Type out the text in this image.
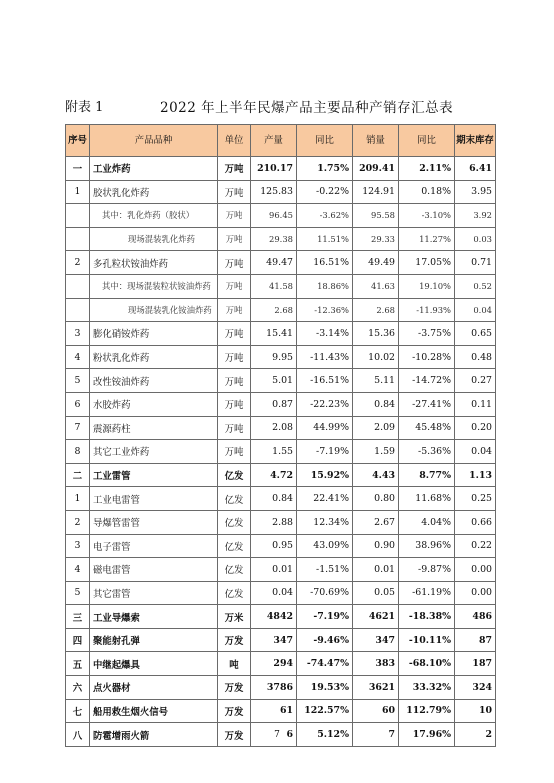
附表 1	2022 年上半年民爆产品主要品种产销存汇总表
序号	产品品种	单位	产量	同比	销量	同比	期末库存
一	工业炸药	万吨	210.17	1.75%	209.41	2.11%	6.41
1	胶状乳化炸药	万吨	125.83	-0.22%	124.91	0.18%	3.95
	其中：乳化炸药（胶状）	万吨	96.45	-3.62%	95.58	-3.10%	3.92
	现场混装乳化炸药	万吨	29.38	11.51%	29.33	11.27%	0.03
2	多孔粒状铵油炸药	万吨	49.47	16.51%	49.49	17.05%	0.71
	其中：现场混装粒状铵油炸药	万吨	41.58	18.86%	41.63	19.10%	0.52
	现场混装乳化铵油炸药	万吨	2.68	-12.36%	2.68	-11.93%	0.04
3	膨化硝铵炸药	万吨	15.41	-3.14%	15.36	-3.75%	0.65
4	粉状乳化炸药	万吨	9.95	-11.43%	10.02	-10.28%	0.48
5	改性铵油炸药	万吨	5.01	-16.51%	5.11	-14.72%	0.27
6	水胶炸药	万吨	0.87	-22.23%	0.84	-27.41%	0.11
7	震源药柱	万吨	2.08	44.99%	2.09	45.48%	0.20
8	其它工业炸药	万吨	1.55	-7.19%	1.59	-5.36%	0.04
二	工业雷管	亿发	4.72	15.92%	4.43	8.77%	1.13
1	工业电雷管	亿发	0.84	22.41%	0.80	11.68%	0.25
2	导爆管雷管	亿发	2.88	12.34%	2.67	4.04%	0.66
3	电子雷管	亿发	0.95	43.09%	0.90	38.96%	0.22
4	磁电雷管	亿发	0.01	-1.51%	0.01	-9.87%	0.00
5	其它雷管	亿发	0.04	-70.69%	0.05	-61.19%	0.00
三	工业导爆索	万米	4842	-7.19%	4621	-18.38%	486
四	聚能射孔弹	万发	347	-9.46%	347	-10.11%	87
五	中继起爆具	吨	294	-74.47%	383	-68.10%	187
六	点火器材	万发	3786	19.53%	3621	33.32%	324
七	船用救生烟火信号	万发	61	122.57%	60	112.79%	10
八	防雹增雨火箭	万发	6	5.12%	7	17.96%	2
7
